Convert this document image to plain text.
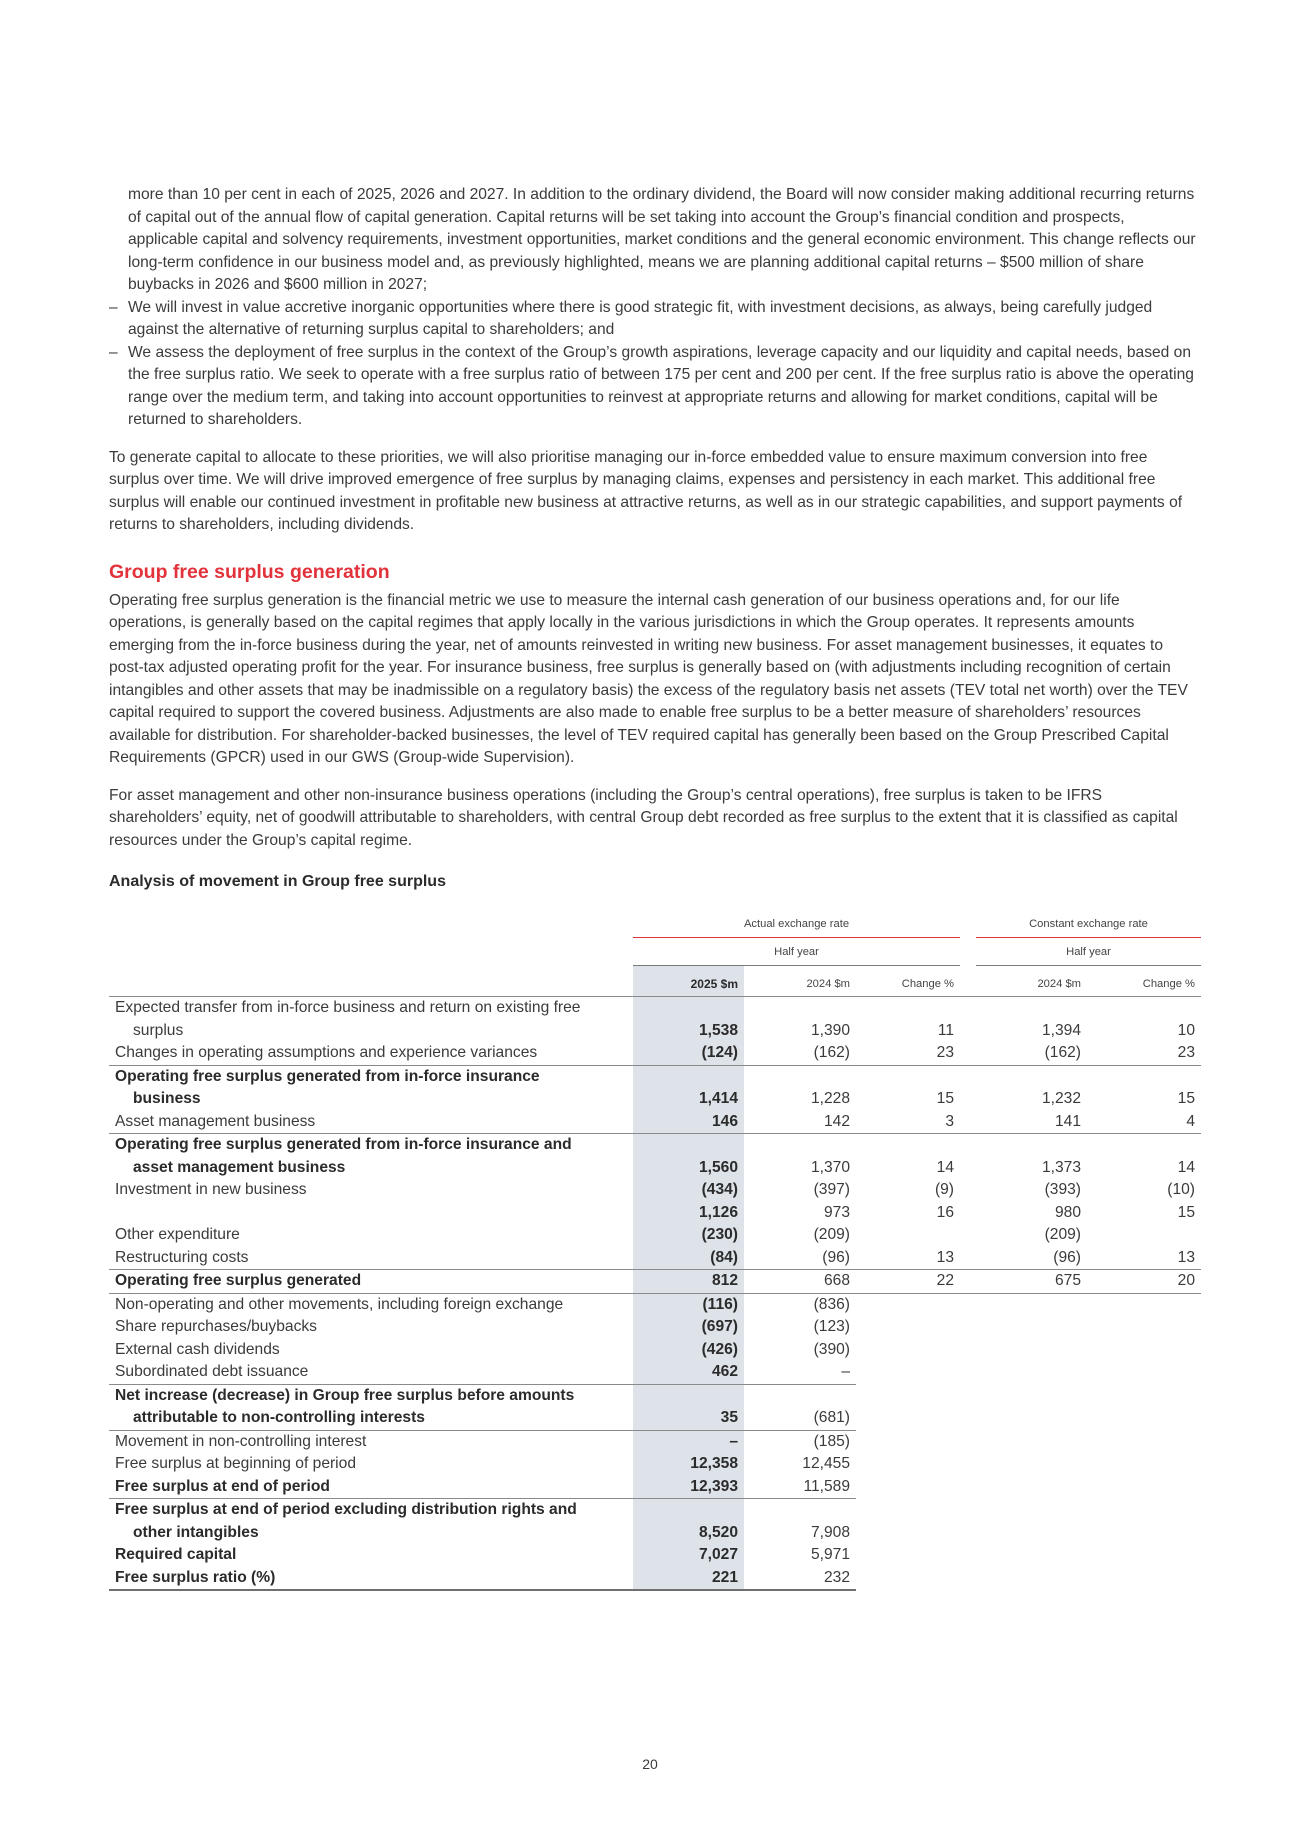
more than 10 per cent in each of 2025, 2026 and 2027. In addition to the ordinary dividend, the Board will now consider making additional recurring returns of capital out of the annual flow of capital generation. Capital returns will be set taking into account the Group’s financial condition and prospects, applicable capital and solvency requirements, investment opportunities, market conditions and the general economic environment. This change reflects our long-term confidence in our business model and, as previously highlighted, means we are planning additional capital returns – $500 million of share buybacks in 2026 and $600 million in 2027;
– We will invest in value accretive inorganic opportunities where there is good strategic fit, with investment decisions, as always, being carefully judged against the alternative of returning surplus capital to shareholders; and
– We assess the deployment of free surplus in the context of the Group’s growth aspirations, leverage capacity and our liquidity and capital needs, based on the free surplus ratio. We seek to operate with a free surplus ratio of between 175 per cent and 200 per cent. If the free surplus ratio is above the operating range over the medium term, and taking into account opportunities to reinvest at appropriate returns and allowing for market conditions, capital will be returned to shareholders.

To generate capital to allocate to these priorities, we will also prioritise managing our in-force embedded value to ensure maximum conversion into free surplus over time. We will drive improved emergence of free surplus by managing claims, expenses and persistency in each market. This additional free surplus will enable our continued investment in profitable new business at attractive returns, as well as in our strategic capabilities, and support payments of returns to shareholders, including dividends.

Group free surplus generation

Operating free surplus generation is the financial metric we use to measure the internal cash generation of our business operations and, for our life operations, is generally based on the capital regimes that apply locally in the various jurisdictions in which the Group operates. It represents amounts emerging from the in-force business during the year, net of amounts reinvested in writing new business. For asset management businesses, it equates to post-tax adjusted operating profit for the year. For insurance business, free surplus is generally based on (with adjustments including recognition of certain intangibles and other assets that may be inadmissible on a regulatory basis) the excess of the regulatory basis net assets (TEV total net worth) over the TEV capital required to support the covered business. Adjustments are also made to enable free surplus to be a better measure of shareholders’ resources available for distribution. For shareholder-backed businesses, the level of TEV required capital has generally been based on the Group Prescribed Capital Requirements (GPCR) used in our GWS (Group-wide Supervision).

For asset management and other non-insurance business operations (including the Group’s central operations), free surplus is taken to be IFRS shareholders’ equity, net of goodwill attributable to shareholders, with central Group debt recorded as free surplus to the extent that it is classified as capital resources under the Group’s capital regime.

Analysis of movement in Group free surplus
	Actual exchange rate				Constant exchange rate	
	Half year				Half year	
	2025 $m	2024 $m	Change %		2024 $m	Change %
Expected transfer from in-force business and return on existing free
surplus	1,538	1,390	11		1,394	10
Changes in operating assumptions and experience variances	(124)	(162)	23		(162)	23
Operating free surplus generated from in-force insurance
business	1,414	1,228	15		1,232	15
Asset management business	146	142	3		141	4
Operating free surplus generated from in-force insurance and
asset management business	1,560	1,370	14		1,373	14
Investment in new business	(434)	(397)	(9)		(393)	(10)
	1,126	973	16		980	15
Other expenditure	(230)	(209)			(209)	
Restructuring costs	(84)	(96)	13		(96)	13
Operating free surplus generated	812	668	22		675	20
Non-operating and other movements, including foreign exchange	(116)	(836)				
Share repurchases/buybacks	(697)	(123)				
External cash dividends	(426)	(390)				
Subordinated debt issuance	462	–				
Net increase (decrease) in Group free surplus before amounts
attributable to non-controlling interests	35	(681)				
Movement in non-controlling interest	–	(185)				
Free surplus at beginning of period	12,358	12,455				
Free surplus at end of period	12,393	11,589				
Free surplus at end of period excluding distribution rights and
other intangibles	8,520	7,908				
Required capital	7,027	5,971				
Free surplus ratio (%)	221	232				
20
